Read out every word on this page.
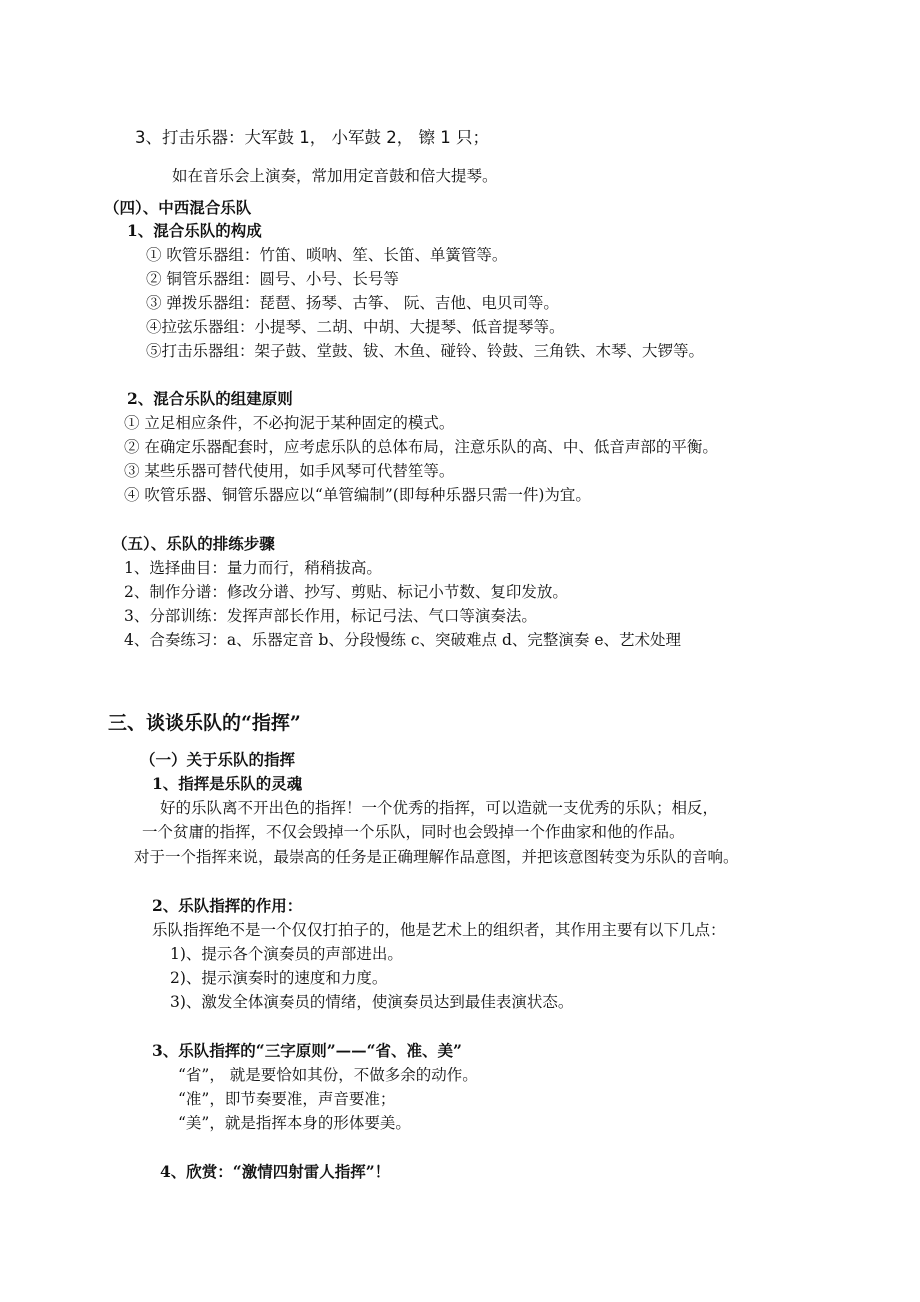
3、打击乐器：大军鼓 1， 小军鼓 2， 镲 1 只；
如在音乐会上演奏，常加用定音鼓和倍大提琴。
（四）、中西混合乐队
1、混合乐队的构成
① 吹管乐器组：竹笛、唢呐、笙、长笛、单簧管等。
② 铜管乐器组：圆号、小号、长号等
③ 弹拨乐器组：琵琶、扬琴、古筝、 阮、吉他、电贝司等。
④拉弦乐器组：小提琴、二胡、中胡、大提琴、低音提琴等。
⑤打击乐器组：架子鼓、堂鼓、钹、木鱼、碰铃、铃鼓、三角铁、木琴、大锣等。
2、混合乐队的组建原则
① 立足相应条件，不必拘泥于某种固定的模式。
② 在确定乐器配套时，应考虑乐队的总体布局，注意乐队的高、中、低音声部的平衡。
③ 某些乐器可替代使用，如手风琴可代替笙等。
④ 吹管乐器、铜管乐器应以“单管编制”(即每种乐器只需一件)为宜。
（五）、乐队的排练步骤
1、选择曲目：量力而行，稍稍拔高。
2、制作分谱：修改分谱、抄写、剪贴、标记小节数、复印发放。
3、分部训练：发挥声部长作用，标记弓法、气口等演奏法。
4、合奏练习：a、乐器定音 b、分段慢练 c、突破难点 d、完整演奏 e、艺术处理
三、谈谈乐队的“指挥”
（一）关于乐队的指挥
1、指挥是乐队的灵魂
好的乐队离不开出色的指挥！一个优秀的指挥，可以造就一支优秀的乐队；相反，
一个贫庸的指挥，不仅会毁掉一个乐队，同时也会毁掉一个作曲家和他的作品。
对于一个指挥来说，最崇高的任务是正确理解作品意图，并把该意图转变为乐队的音响。
2、乐队指挥的作用：
乐队指挥绝不是一个仅仅打拍子的，他是艺术上的组织者，其作用主要有以下几点：
1)、提示各个演奏员的声部进出。
2)、提示演奏时的速度和力度。
3)、激发全体演奏员的情绪，使演奏员达到最佳表演状态。
3、乐队指挥的“三字原则”——“省、准、美”
“省”， 就是要恰如其份，不做多余的动作。
“准”，即节奏要准，声音要准；
“美”，就是指挥本身的形体要美。
4、欣赏：“激情四射雷人指挥”！
